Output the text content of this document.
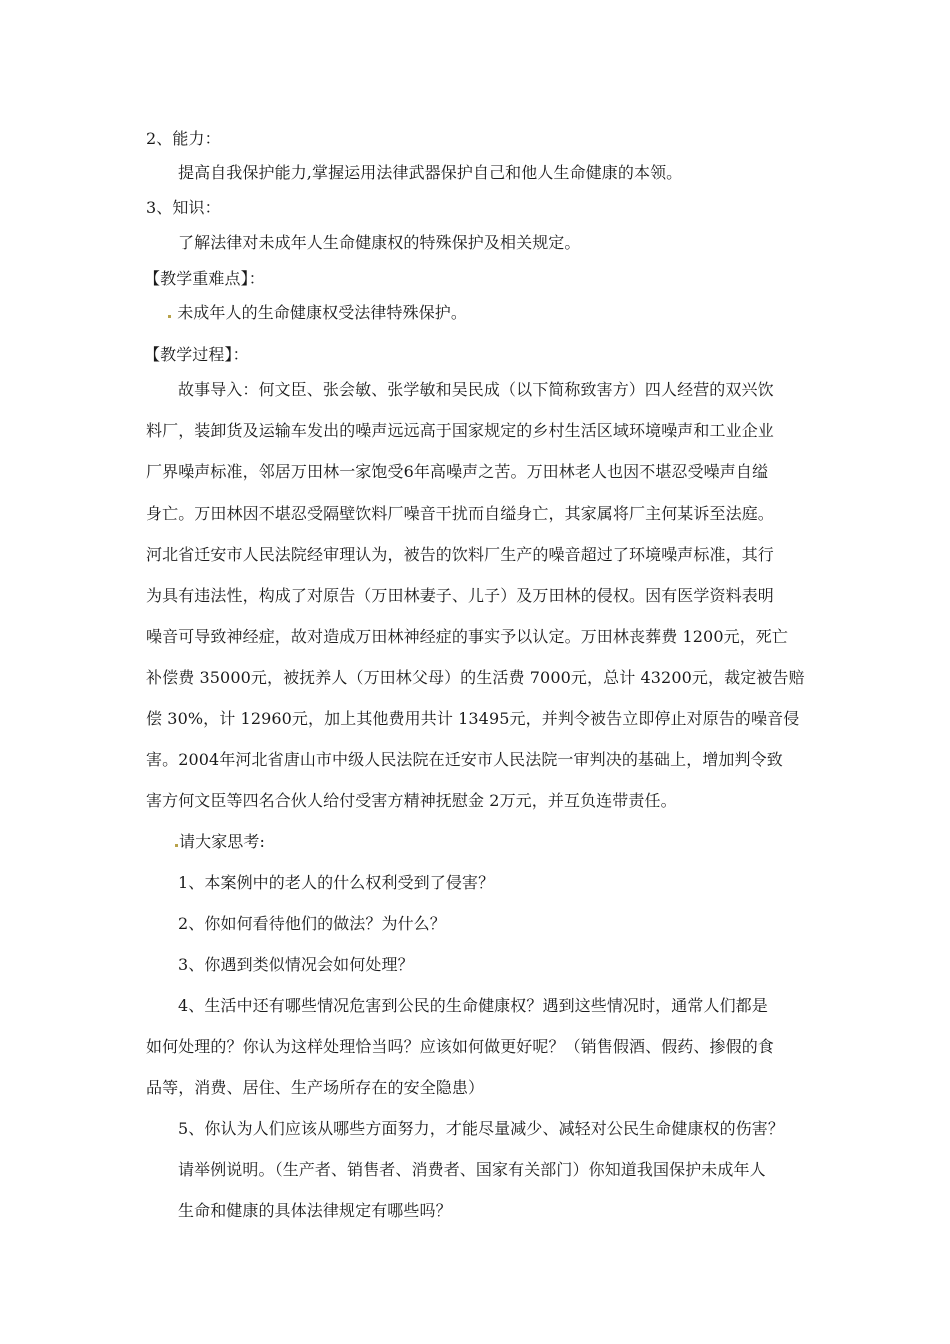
2、能力：
提高自我保护能力,掌握运用法律武器保护自己和他人生命健康的本领。
3、知识：
了解法律对未成年人生命健康权的特殊保护及相关规定。
【教学重难点】：
未成年人的生命健康权受法律特殊保护。
【教学过程】：
故事导入：何文臣、张会敏、张学敏和吴民成（以下简称致害方）四人经营的双兴饮
料厂，装卸货及运输车发出的噪声远远高于国家规定的乡村生活区域环境噪声和工业企业
厂界噪声标准，邻居万田林一家饱受6年高噪声之苦。万田林老人也因不堪忍受噪声自缢
身亡。万田林因不堪忍受隔壁饮料厂噪音干扰而自缢身亡，其家属将厂主何某诉至法庭。
河北省迁安市人民法院经审理认为，被告的饮料厂生产的噪音超过了环境噪声标准，其行
为具有违法性，构成了对原告（万田林妻子、儿子）及万田林的侵权。因有医学资料表明
噪音可导致神经症，故对造成万田林神经症的事实予以认定。万田林丧葬费 1200元，死亡
补偿费 35000元，被抚养人（万田林父母）的生活费 7000元，总计 43200元，裁定被告赔
偿 30%，计 12960元，加上其他费用共计 13495元，并判令被告立即停止对原告的噪音侵
害。2004年河北省唐山市中级人民法院在迁安市人民法院一审判决的基础上，增加判令致
害方何文臣等四名合伙人给付受害方精神抚慰金 2万元，并互负连带责任。
请大家思考:
1、本案例中的老人的什么权利受到了侵害？
2、你如何看待他们的做法？为什么？
3、你遇到类似情况会如何处理？
4、生活中还有哪些情况危害到公民的生命健康权？遇到这些情况时，通常人们都是
如何处理的？你认为这样处理恰当吗？应该如何做更好呢？（销售假酒、假药、掺假的食
品等，消费、居住、生产场所存在的安全隐患）
5、你认为人们应该从哪些方面努力，才能尽量减少、减轻对公民生命健康权的伤害？
请举例说明。（生产者、销售者、消费者、国家有关部门）你知道我国保护未成年人
生命和健康的具体法律规定有哪些吗？
